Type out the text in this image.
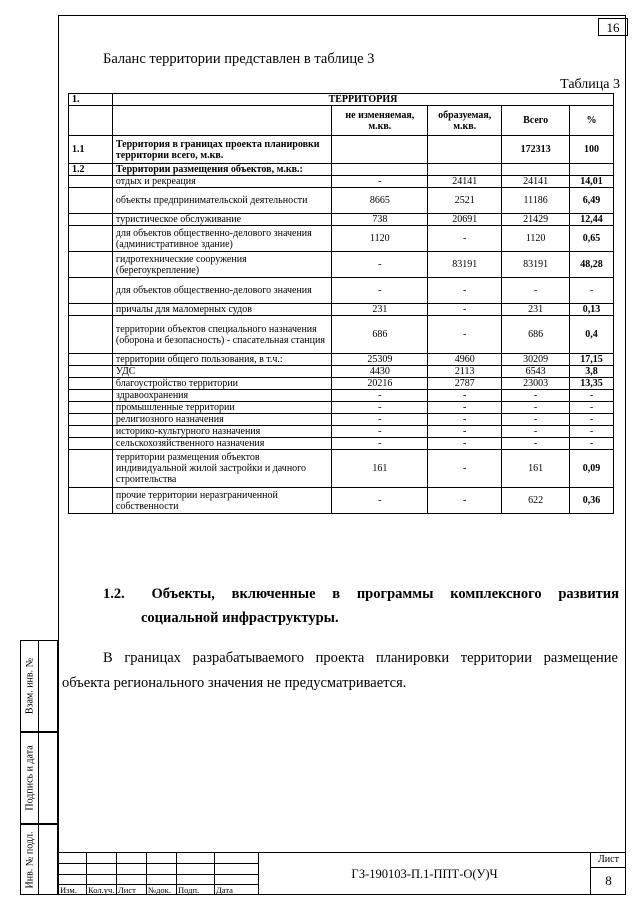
16
Баланс территории представлен в таблице 3
Таблица 3
1.	ТЕРРИТОРИЯ				
		не изменяемая, м.кв.	образуемая, м.кв.	Всего	%
1.1	Территория в границах проекта планировки территории всего, м.кв.			172313	100
1.2	Территории размещения объектов, м.кв.:				
	отдых и рекреация	-	24141	24141	14,01
	объекты предпринимательской деятельности	8665	2521	11186	6,49
	туристическое обслуживание	738	20691	21429	12,44
	для объектов общественно-делового значения (административное здание)	1120	-	1120	0,65
	гидротехнические сооружения (берегоукрепление)	-	83191	83191	48,28
	для объектов общественно-делового значения	-	-	-	-
	причалы для маломерных судов	231	-	231	0,13
	территории объектов специального назначения (оборона и безопасность) - спасательная станция	686	-	686	0,4
	территории общего пользования, в т.ч.:	25309	4960	30209	17,15
	УДС	4430	2113	6543	3,8
	благоустройство территории	20216	2787	23003	13,35
	здравоохранения	-	-	-	-
	промышленные территории	-	-	-	-
	религиозного назначения	-	-	-	-
	историко-культурного назначения	-	-	-	-
	сельскохозяйственного назначения	-	-	-	-
	территории размещения объектов индивидуальной жилой застройки и дачного строительства	161	-	161	0,09
	прочие территории неразграниченной собственности	-	-	622	0,36
1.2. Объекты, включенные в программы комплексного развития
социальной инфраструктуры.
В границах разрабатываемого проекта планировки территории размещение объекта регионального значения не предусматривается.
Взам. инв. №
Подпись и дата
Инв. № подл.
Изм. Кол.уч. Лист №док. Подп. Дата
ГЗ-190103-П.1-ППТ-О(У)Ч
Лист
8
